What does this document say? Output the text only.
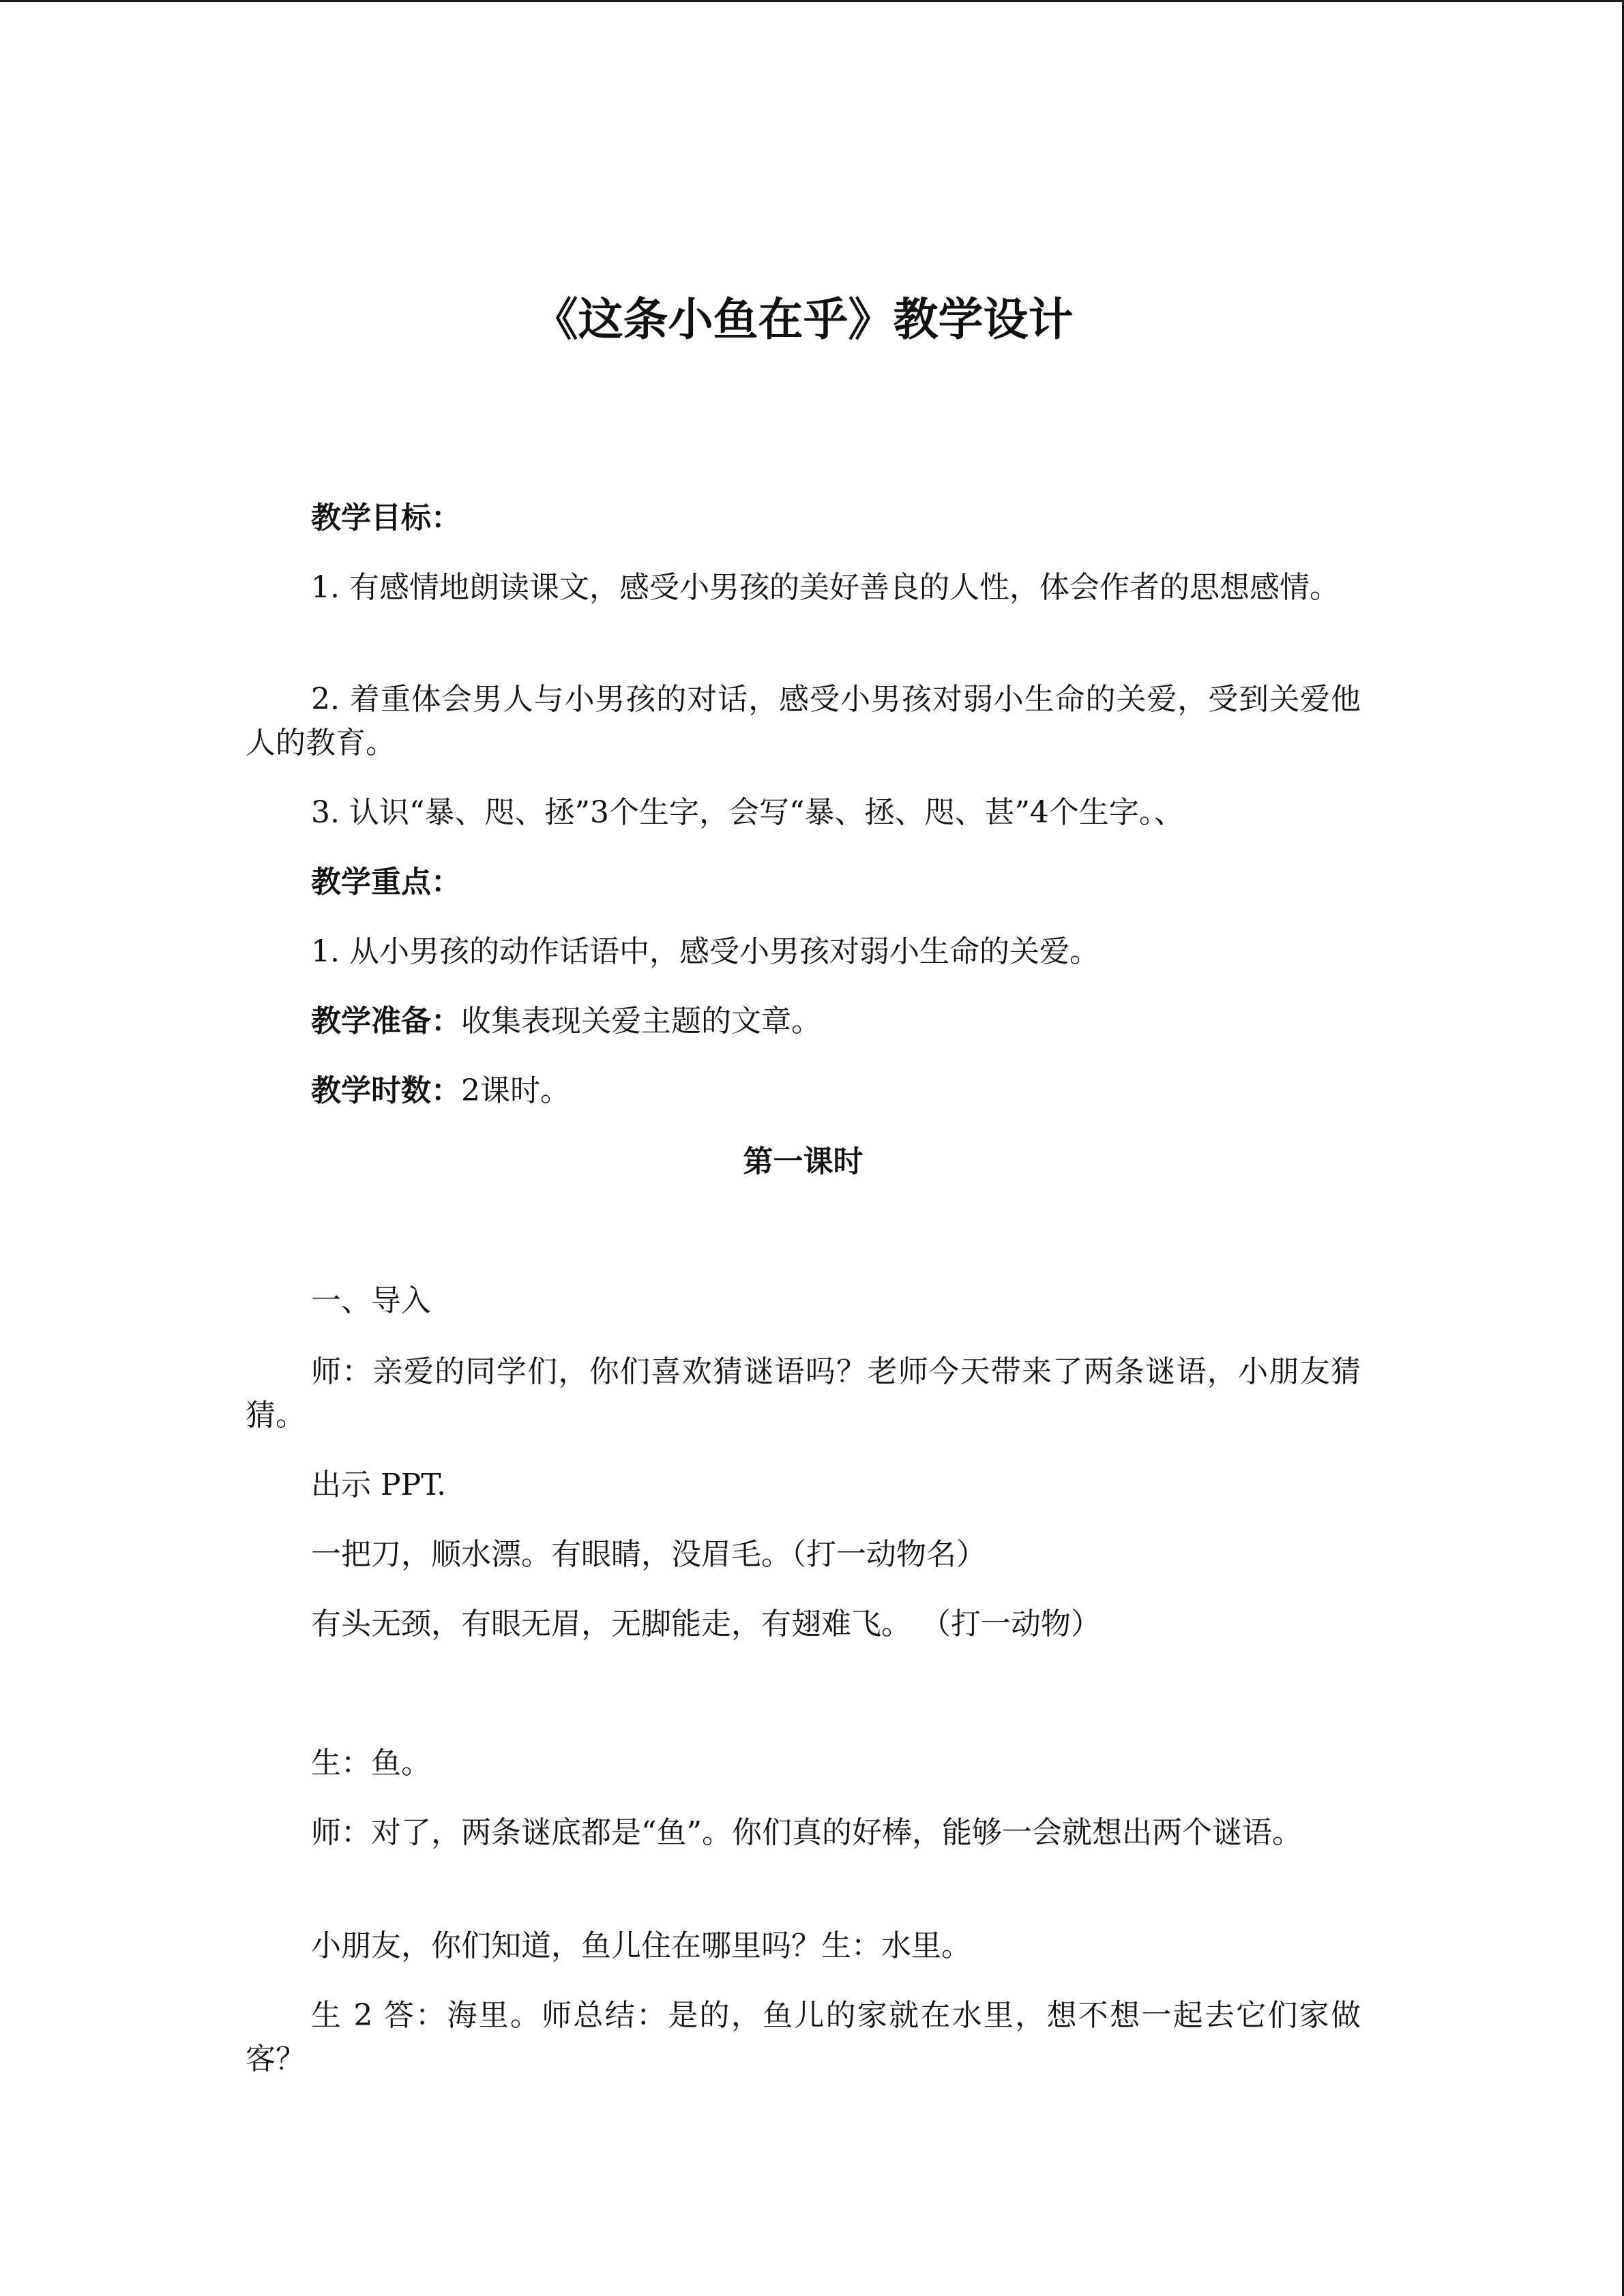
《这条小鱼在乎》教学设计

教学目标：

1. 有感情地朗读课文，感受小男孩的美好善良的人性，体会作者的思想感情。

2. 着重体会男人与小男孩的对话，感受小男孩对弱小生命的关爱，受到关爱他人的教育。

3. 认识“暴、咫、拯”3个生字，会写“暴、拯、咫、甚”4个生字。、

教学重点：

1. 从小男孩的动作话语中，感受小男孩对弱小生命的关爱。

教学准备：收集表现关爱主题的文章。

教学时数：2课时。

第一课时

一、导入

师：亲爱的同学们，你们喜欢猜谜语吗？老师今天带来了两条谜语，小朋友猜猜。

出示 PPT.

一把刀，顺水漂。有眼睛，没眉毛。（打一动物名）

有头无颈，有眼无眉，无脚能走，有翅难飞。 （打一动物）

生：鱼。

师：对了，两条谜底都是“鱼”。你们真的好棒，能够一会就想出两个谜语。

小朋友，你们知道，鱼儿住在哪里吗？生：水里。

生 2 答：海里。师总结：是的，鱼儿的家就在水里，想不想一起去它们家做客？
